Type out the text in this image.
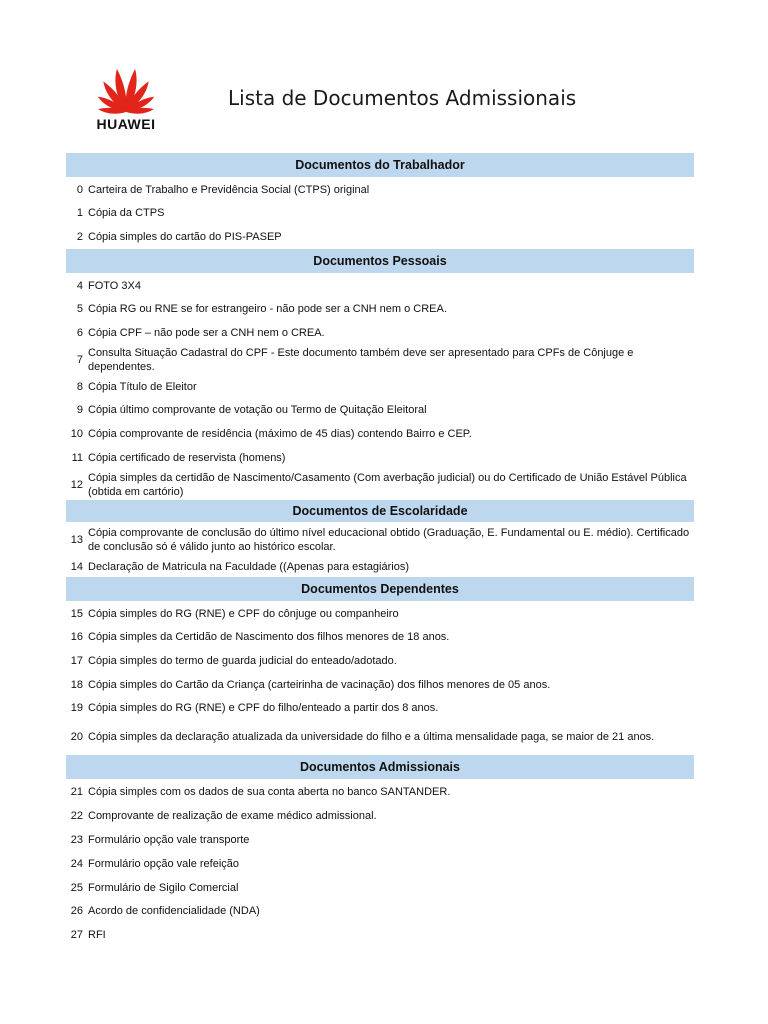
HUAWEI
Lista de Documentos Admissionais
Documentos do Trabalhador
0 Carteira de Trabalho e Previdência Social (CTPS) original
1 Cópia da CTPS
2 Cópia simples do cartão do PIS-PASEP
Documentos Pessoais
4 FOTO 3X4
5 Cópia RG ou RNE se for estrangeiro - não pode ser a CNH nem o CREA.
6 Cópia CPF – não pode ser a CNH nem o CREA.
7
Consulta Situação Cadastral do CPF - Este documento também deve ser apresentado para CPFs de Cônjuge e dependentes.
8 Cópia Título de Eleitor
9 Cópia último comprovante de votação ou Termo de Quitação Eleitoral
10 Cópia comprovante de residência (máximo de 45 dias) contendo Bairro e CEP.
11 Cópia certificado de reservista (homens)
12
Cópia simples da certidão de Nascimento/Casamento (Com averbação judicial) ou do Certificado de União Estável Pública (obtida em cartório)
Documentos de Escolaridade
13
Cópia comprovante de conclusão do último nível educacional obtido (Graduação, E. Fundamental ou E. médio). Certificado de conclusão só é válido junto ao histórico escolar.
14 Declaração de Matricula na Faculdade ((Apenas para estagiários)
Documentos Dependentes
15 Cópia simples do RG (RNE) e CPF do cônjuge ou companheiro
16 Cópia simples da Certidão de Nascimento dos filhos menores de 18 anos.
17 Cópia simples do termo de guarda judicial do enteado/adotado.
18 Cópia simples do Cartão da Criança (carteirinha de vacinação) dos filhos menores de 05 anos.
19 Cópia simples do RG (RNE) e CPF do filho/enteado a partir dos 8 anos.
20 Cópia simples da declaração atualizada da universidade do filho e a última mensalidade paga, se maior de 21 anos.
Documentos Admissionais
21 Cópia simples com os dados de sua conta aberta no banco SANTANDER.
22 Comprovante de realização de exame médico admissional.
23 Formulário opção vale transporte
24 Formulário opção vale refeição
25 Formulário de Sigilo Comercial
26 Acordo de confidencialidade (NDA)
27 RFI
